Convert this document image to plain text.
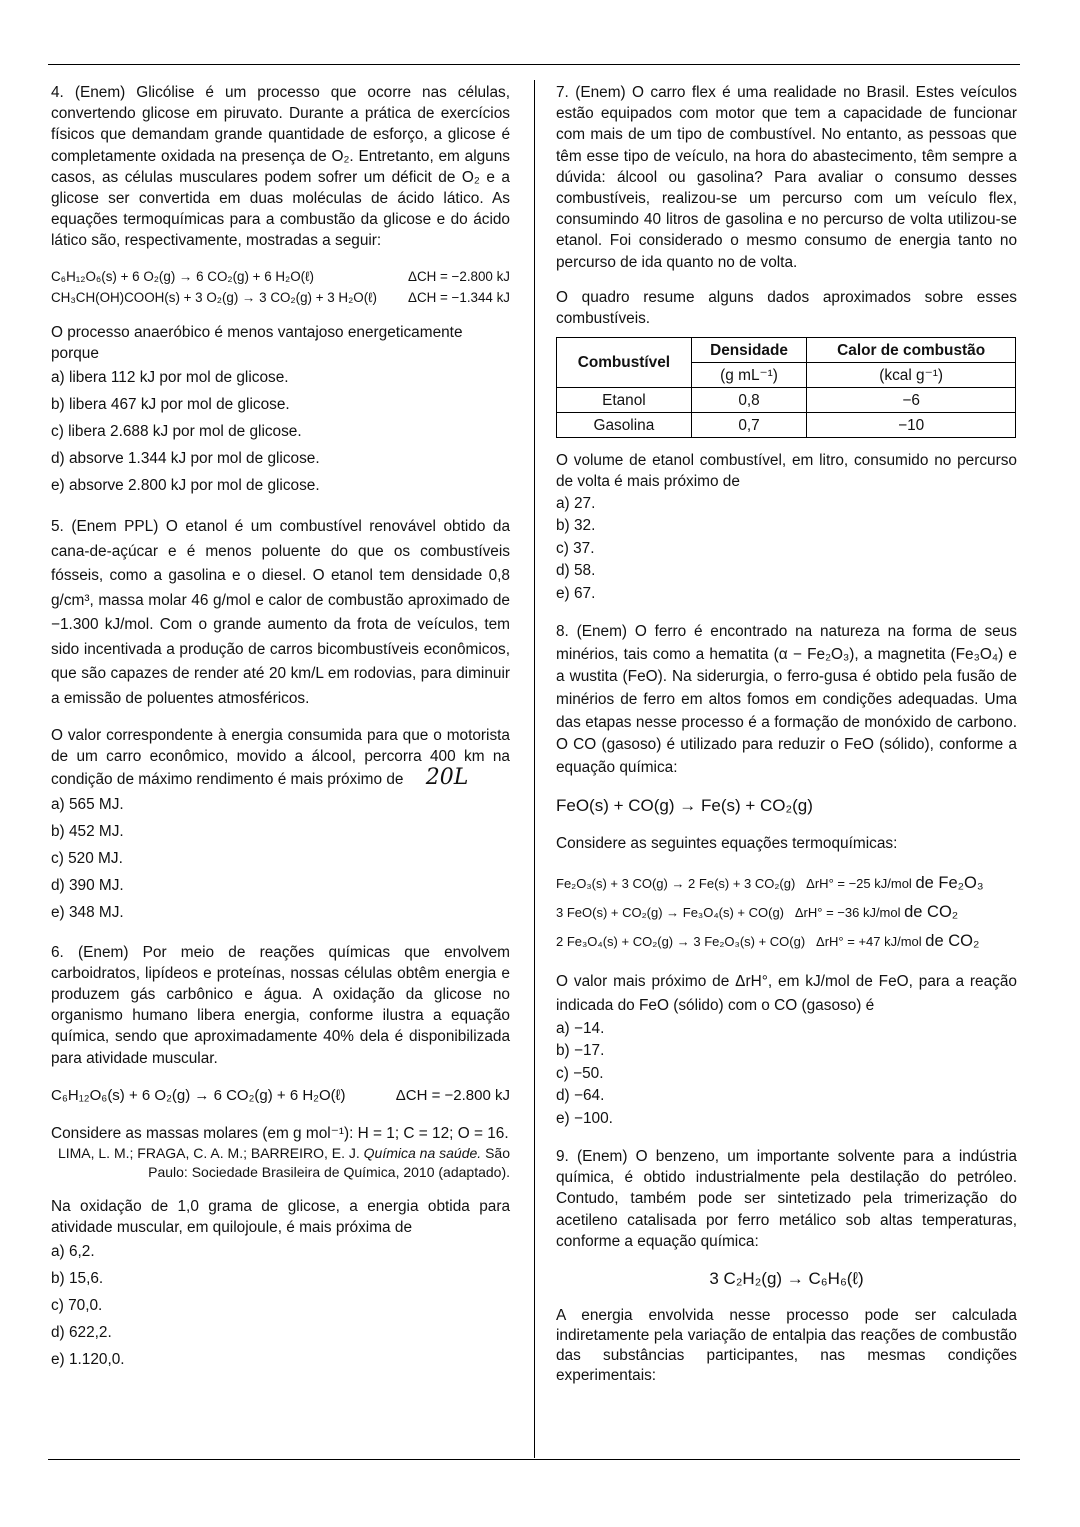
4. (Enem) Glicólise é um processo que ocorre nas células, convertendo glicose em piruvato. Durante a prática de exercícios físicos que demandam grande quantidade de esforço, a glicose é completamente oxidada na presença de O₂. Entretanto, em alguns casos, as células musculares podem sofrer um déficit de O₂ e a glicose ser convertida em duas moléculas de ácido lático. As equações termoquímicas para a combustão da glicose e do ácido lático são, respectivamente, mostradas a seguir:

C₆H₁₂O₆(s) + 6 O₂(g) → 6 CO₂(g) + 6 H₂O(ℓ)	ΔCH = −2.800 kJ
CH₃CH(OH)COOH(s) + 3 O₂(g) → 3 CO₂(g) + 3 H₂O(ℓ) ΔCH = −1.344 kJ

O processo anaeróbico é menos vantajoso energeticamente porque

a) libera 112 kJ por mol de glicose.
b) libera 467 kJ por mol de glicose.
c) libera 2.688 kJ por mol de glicose.
d) absorve 1.344 kJ por mol de glicose.
e) absorve 2.800 kJ por mol de glicose.

5. (Enem PPL) O etanol é um combustível renovável obtido da cana-de-açúcar e é menos poluente do que os combustíveis fósseis, como a gasolina e o diesel. O etanol tem densidade 0,8 g/cm³, massa molar 46 g/mol e calor de combustão aproximado de −1.300 kJ/mol. Com o grande aumento da frota de veículos, tem sido incentivada a produção de carros bicombustíveis econômicos, que são capazes de render até 20 km/L em rodovias, para diminuir a emissão de poluentes atmosféricos.

O valor correspondente à energia consumida para que o motorista de um carro econômico, movido a álcool, percorra 400 km na condição de máximo rendimento é mais próximo de 20L

a) 565 MJ.
b) 452 MJ.
c) 520 MJ.
d) 390 MJ.
e) 348 MJ.

6. (Enem) Por meio de reações químicas que envolvem carboidratos, lipídeos e proteínas, nossas células obtêm energia e produzem gás carbônico e água. A oxidação da glicose no organismo humano libera energia, conforme ilustra a equação química, sendo que aproximadamente 40% dela é disponibilizada para atividade muscular.

C₆H₁₂O₆(s) + 6 O₂(g) → 6 CO₂(g) + 6 H₂O(ℓ)	ΔCH = −2.800 kJ

Considere as massas molares (em g mol⁻¹): H = 1; C = 12; O = 16.

LIMA, L. M.; FRAGA, C. A. M.; BARREIRO, E. J. Química na saúde. São Paulo: Sociedade Brasileira de Química, 2010 (adaptado).

Na oxidação de 1,0 grama de glicose, a energia obtida para atividade muscular, em quilojoule, é mais próxima de

a) 6,2.
b) 15,6.
c) 70,0.
d) 622,2.
e) 1.120,0.

7. (Enem) O carro flex é uma realidade no Brasil. Estes veículos estão equipados com motor que tem a capacidade de funcionar com mais de um tipo de combustível. No entanto, as pessoas que têm esse tipo de veículo, na hora do abastecimento, têm sempre a dúvida: álcool ou gasolina? Para avaliar o consumo desses combustíveis, realizou-se um percurso com um veículo flex, consumindo 40 litros de gasolina e no percurso de volta utilizou-se etanol. Foi considerado o mesmo consumo de energia tanto no percurso de ida quanto no de volta.

O quadro resume alguns dados aproximados sobre esses combustíveis.

Combustível	Densidade	Calor de combustão
	(g mL⁻¹)	(kcal g⁻¹)
Etanol	0,8	−6
Gasolina	0,7	−10

O volume de etanol combustível, em litro, consumido no percurso de volta é mais próximo de

a) 27.
b) 32.
c) 37.
d) 58.
e) 67.

8. (Enem) O ferro é encontrado na natureza na forma de seus minérios, tais como a hematita (α − Fe₂O₃), a magnetita (Fe₃O₄) e a wustita (FeO). Na siderurgia, o ferro-gusa é obtido pela fusão de minérios de ferro em altos fomos em condições adequadas. Uma das etapas nesse processo é a formação de monóxido de carbono. O CO (gasoso) é utilizado para reduzir o FeO (sólido), conforme a equação química:

FeO(s) + CO(g) → Fe(s) + CO₂(g)

Considere as seguintes equações termoquímicas:

Fe₂O₃(s) + 3 CO(g) → 2 Fe(s) + 3 CO₂(g) ΔrH° = −25 kJ/mol de Fe₂O₃
3 FeO(s) + CO₂(g) → Fe₃O₄(s) + CO(g) ΔrH° = −36 kJ/mol de CO₂
2 Fe₃O₄(s) + CO₂(g) → 3 Fe₂O₃(s) + CO(g) ΔrH° = +47 kJ/mol de CO₂

O valor mais próximo de ΔrH°, em kJ/mol de FeO, para a reação indicada do FeO (sólido) com o CO (gasoso) é

a) −14.
b) −17.
c) −50.
d) −64.
e) −100.

9. (Enem) O benzeno, um importante solvente para a indústria química, é obtido industrialmente pela destilação do petróleo. Contudo, também pode ser sintetizado pela trimerização do acetileno catalisada por ferro metálico sob altas temperaturas, conforme a equação química:

3 C₂H₂(g) → C₆H₆(ℓ)

A energia envolvida nesse processo pode ser calculada indiretamente pela variação de entalpia das reações de combustão das substâncias participantes, nas mesmas condições experimentais:
